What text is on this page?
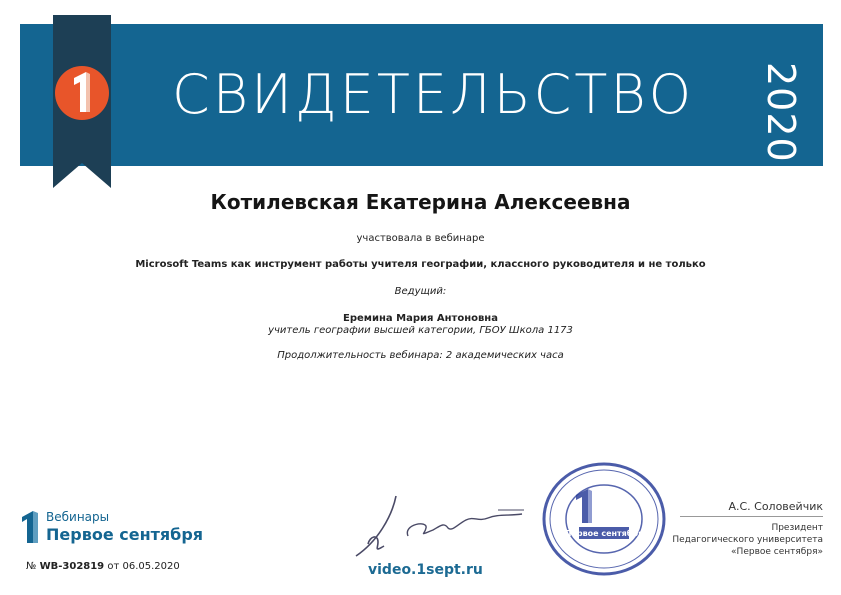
СВИДЕТЕЛЬСТВО 2020
Котилевская Екатерина Алексеевна
участвовала в вебинаре
Microsoft Teams как инструмент работы учителя географии, классного руководителя и не только
Ведущий:
Еремина Мария Антоновна
учитель географии высшей категории, ГБОУ Школа 1173
Продолжительность вебинара: 2 академических часа
Вебинары
Первое сентября
№ WB-302819 от 06.05.2020	video.1sept.ru
Первое сентября
А.С. Соловейчик
Президент
Педагогического университета
«Первое сентября»
